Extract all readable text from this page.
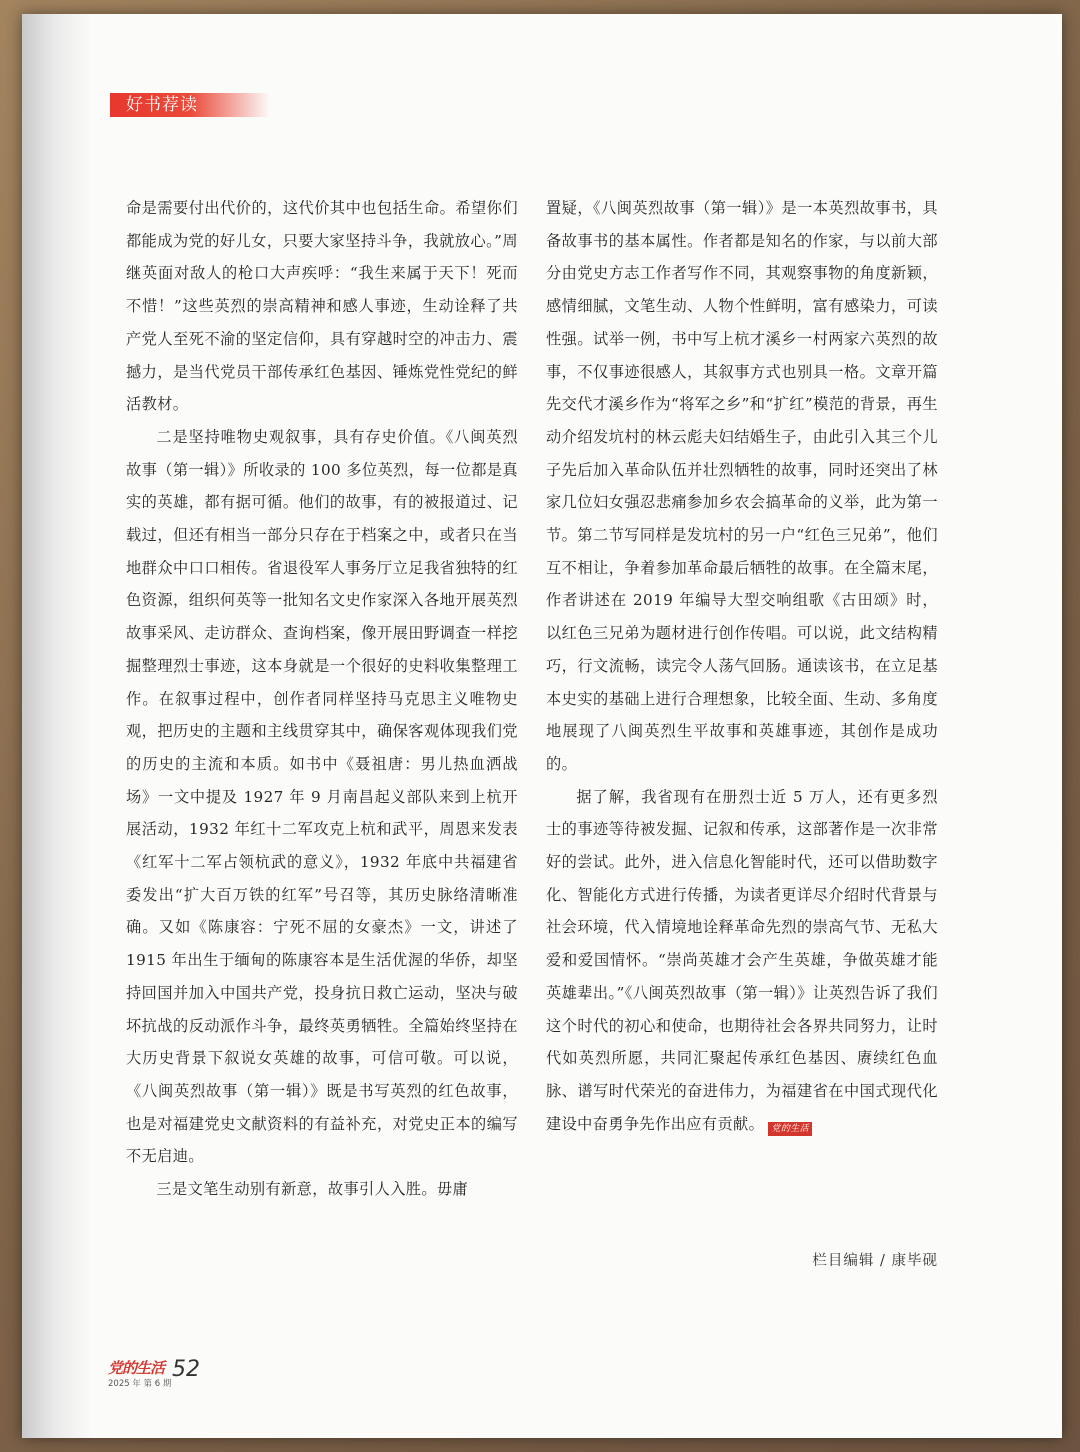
好书荐读

命是需要付出代价的，这代价其中也包括生命。希望你们都能成为党的好儿女，只要大家坚持斗争，我就放心。”周继英面对敌人的枪口大声疾呼：“我生来属于天下！死而不惜！”这些英烈的崇高精神和感人事迹，生动诠释了共产党人至死不渝的坚定信仰，具有穿越时空的冲击力、震撼力，是当代党员干部传承红色基因、锤炼党性党纪的鲜活教材。

二是坚持唯物史观叙事，具有存史价值。《八闽英烈故事（第一辑）》所收录的 100 多位英烈，每一位都是真实的英雄，都有据可循。他们的故事，有的被报道过、记载过，但还有相当一部分只存在于档案之中，或者只在当地群众中口口相传。省退役军人事务厅立足我省独特的红色资源，组织何英等一批知名文史作家深入各地开展英烈故事采风、走访群众、查询档案，像开展田野调查一样挖掘整理烈士事迹，这本身就是一个很好的史料收集整理工作。在叙事过程中，创作者同样坚持马克思主义唯物史观，把历史的主题和主线贯穿其中，确保客观体现我们党的历史的主流和本质。如书中《聂祖唐：男儿热血洒战场》一文中提及 1927 年 9 月南昌起义部队来到上杭开展活动，1932 年红十二军攻克上杭和武平，周恩来发表《红军十二军占领杭武的意义》，1932 年底中共福建省委发出“扩大百万铁的红军”号召等，其历史脉络清晰准确。又如《陈康容：宁死不屈的女豪杰》一文，讲述了 1915 年出生于缅甸的陈康容本是生活优渥的华侨，却坚持回国并加入中国共产党，投身抗日救亡运动，坚决与破坏抗战的反动派作斗争，最终英勇牺牲。全篇始终坚持在大历史背景下叙说女英雄的故事，可信可敬。可以说，《八闽英烈故事（第一辑）》既是书写英烈的红色故事，也是对福建党史文献资料的有益补充，对党史正本的编写不无启迪。

三是文笔生动别有新意，故事引人入胜。毋庸

置疑，《八闽英烈故事（第一辑）》是一本英烈故事书，具备故事书的基本属性。作者都是知名的作家，与以前大部分由党史方志工作者写作不同，其观察事物的角度新颖，感情细腻，文笔生动、人物个性鲜明，富有感染力，可读性强。试举一例，书中写上杭才溪乡一村两家六英烈的故事，不仅事迹很感人，其叙事方式也别具一格。文章开篇先交代才溪乡作为“将军之乡”和“扩红”模范的背景，再生动介绍发坑村的林云彪夫妇结婚生子，由此引入其三个儿子先后加入革命队伍并壮烈牺牲的故事，同时还突出了林家几位妇女强忍悲痛参加乡农会搞革命的义举，此为第一节。第二节写同样是发坑村的另一户“红色三兄弟”，他们互不相让，争着参加革命最后牺牲的故事。在全篇末尾，作者讲述在 2019 年编导大型交响组歌《古田颂》时，以红色三兄弟为题材进行创作传唱。可以说，此文结构精巧，行文流畅，读完令人荡气回肠。通读该书，在立足基本史实的基础上进行合理想象，比较全面、生动、多角度地展现了八闽英烈生平故事和英雄事迹，其创作是成功的。

据了解，我省现有在册烈士近 5 万人，还有更多烈士的事迹等待被发掘、记叙和传承，这部著作是一次非常好的尝试。此外，进入信息化智能时代，还可以借助数字化、智能化方式进行传播，为读者更详尽介绍时代背景与社会环境，代入情境地诠释革命先烈的崇高气节、无私大爱和爱国情怀。“崇尚英雄才会产生英雄，争做英雄才能英雄辈出。”《八闽英烈故事（第一辑）》让英烈告诉了我们这个时代的初心和使命，也期待社会各界共同努力，让时代如英烈所愿，共同汇聚起传承红色基因、赓续红色血脉、谱写时代荣光的奋进伟力，为福建省在中国式现代化建设中奋勇争先作出应有贡献。 党的生活

栏目编辑 / 康毕砚
党的生活
2025 年 第 6 期
52
